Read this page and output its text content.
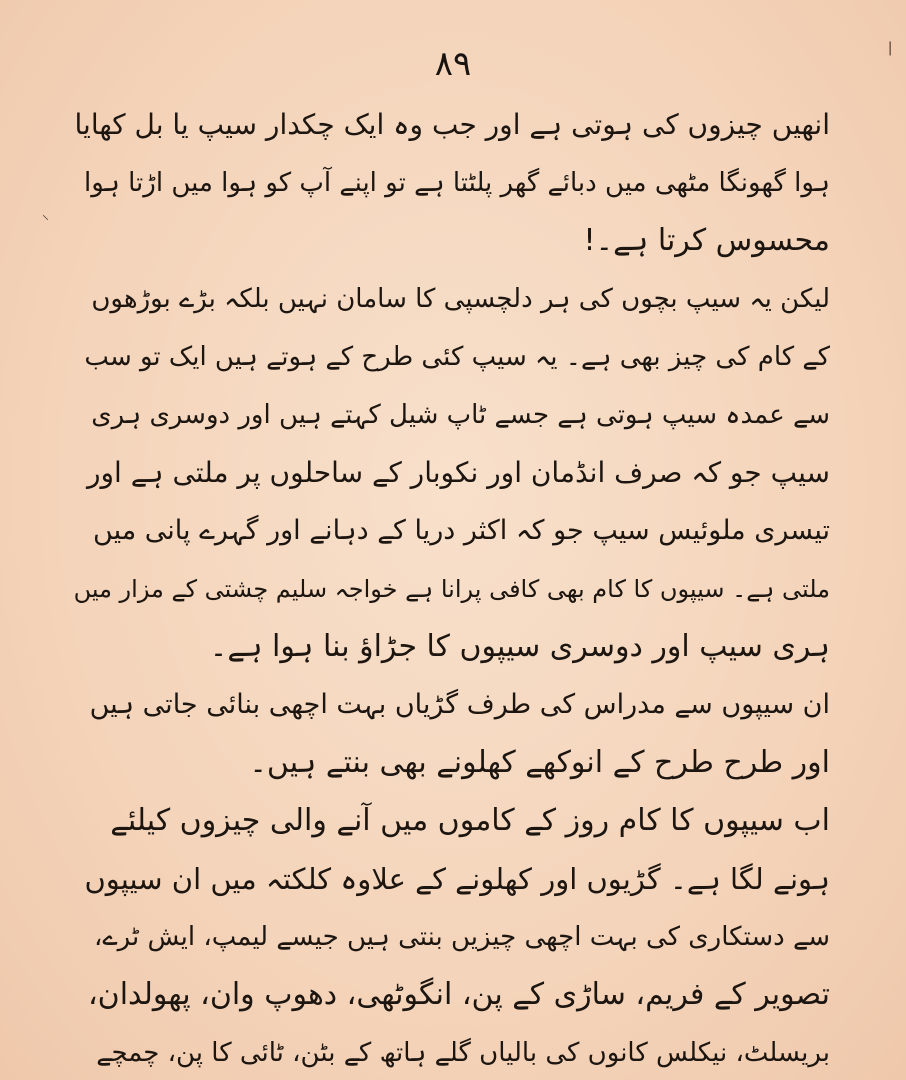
۸۹	❘
⸜
انھیں چیزوں کی ہوتی ہے اور جب وہ ایک چکدار سیپ یا بل کھایا
ہوا گھونگا مٹھی میں دبائے گھر پلٹتا ہے تو اپنے آپ کو ہوا میں اڑتا ہوا
محسوس کرتا ہے۔!
لیکن یہ سیپ بچوں کی ہر دلچسپی کا سامان نہیں بلکہ بڑے بوڑھوں
کے کام کی چیز بھی ہے۔ یہ سیپ کئی طرح کے ہوتے ہیں ایک تو سب
سے عمدہ سیپ ہوتی ہے جسے ٹاپ شیل کہتے ہیں اور دوسری ہری
سیپ جو کہ صرف انڈمان اور نکوبار کے ساحلوں پر ملتی ہے اور
تیسری ملوئیس سیپ جو کہ اکثر دریا کے دہانے اور گہرے پانی میں
ملتی ہے۔ سیپوں کا کام بھی کافی پرانا ہے خواجہ سلیم چشتی کے مزار میں
ہری سیپ اور دوسری سیپوں کا جڑاؤ بنا ہوا ہے۔
ان سیپوں سے مدراس کی طرف گڑیاں بہت اچھی بنائی جاتی ہیں
اور طرح طرح کے انوکھے کھلونے بھی بنتے ہیں۔
اب سیپوں کا کام روز کے کاموں میں آنے والی چیزوں کیلئے
ہونے لگا ہے۔ گڑیوں اور کھلونے کے علاوہ کلکتہ میں ان سیپوں
سے دستکاری کی بہت اچھی چیزیں بنتی ہیں جیسے لیمپ، ایش ٹرے،
تصویر کے فریم، ساڑی کے پن، انگوٹھی، دھوپ وان، پھولدان،
بریسلٹ، نیکلس کانوں کی بالیاں گلے ہاتھ کے بٹن، ٹائی کا پن، چمچے
